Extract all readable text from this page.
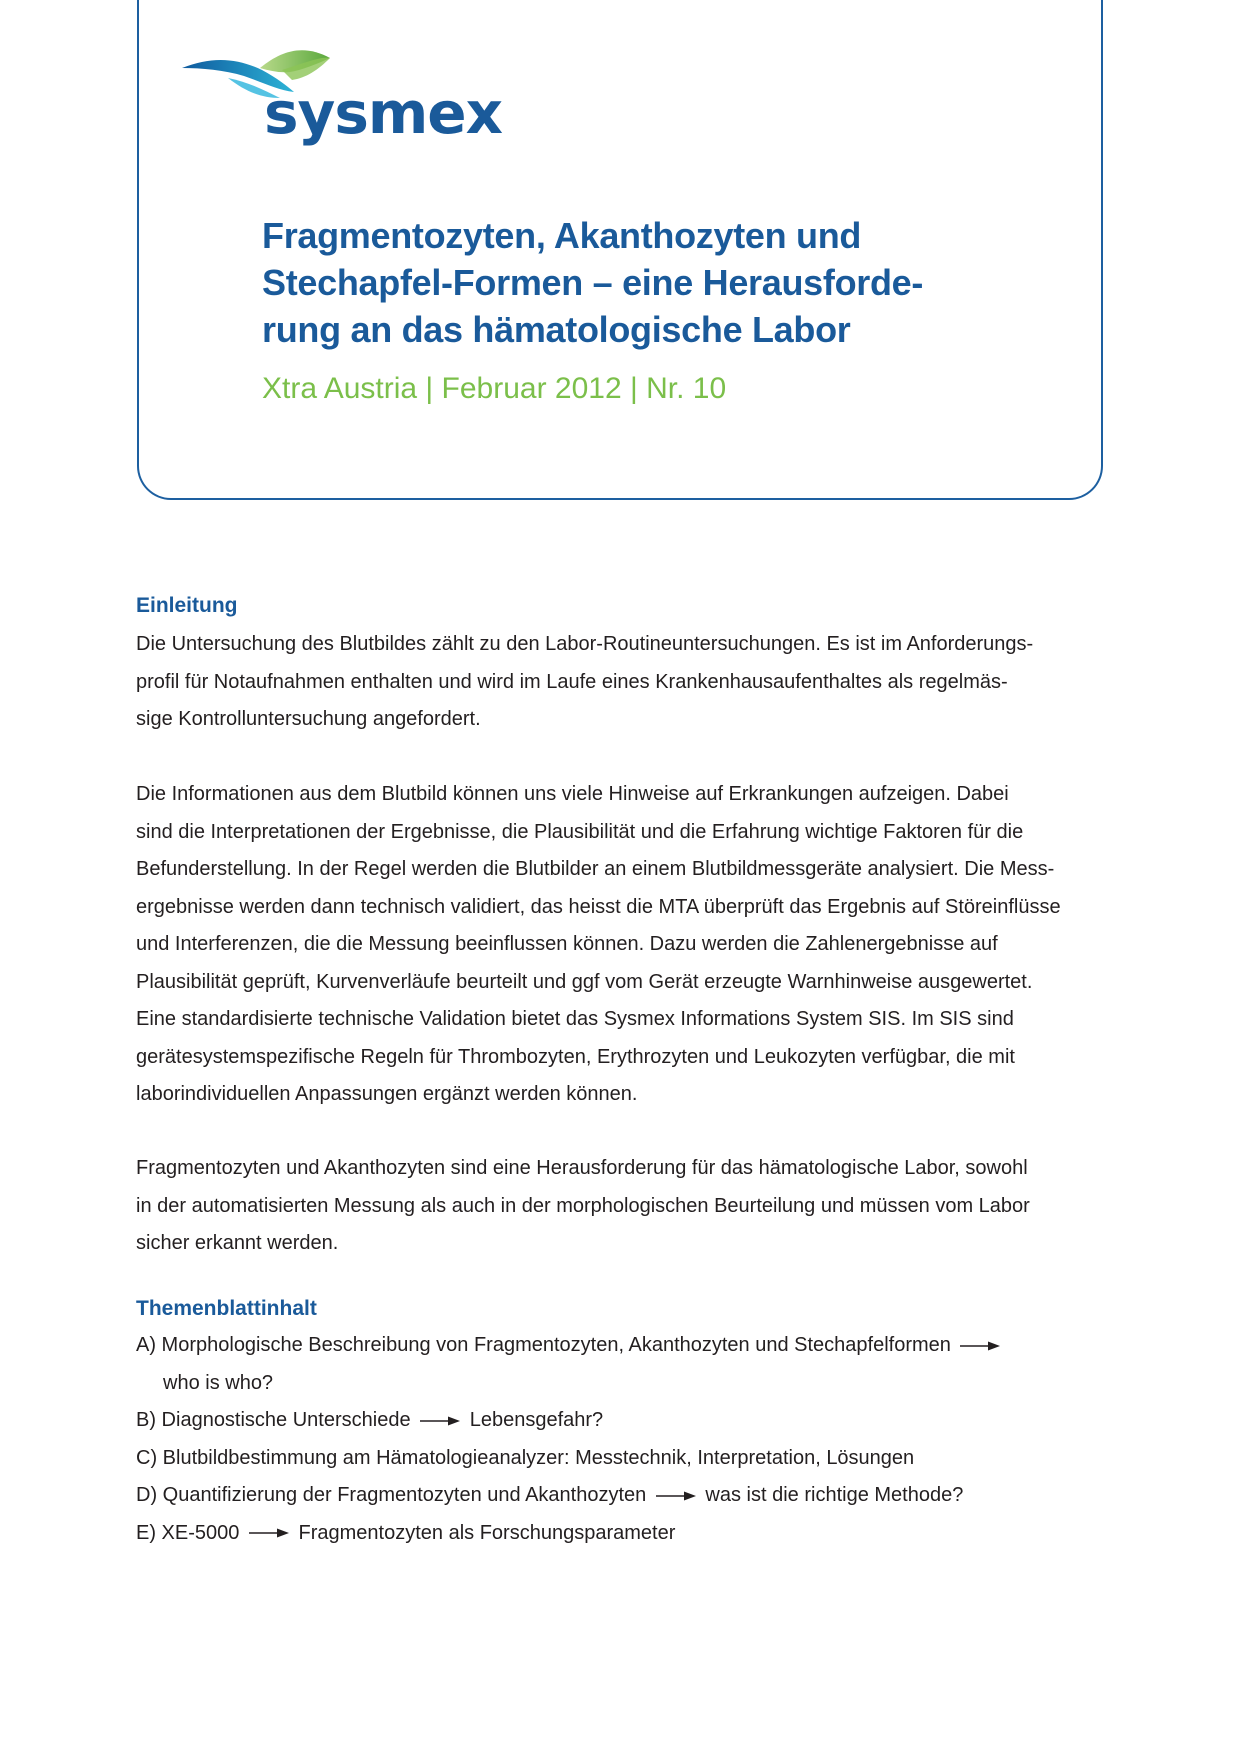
sysmex
Fragmentozyten, Akanthozyten und
Stechapfel-Formen – eine Herausforde-
rung an das hämatologische Labor
Xtra Austria | Februar 2012 | Nr. 10
Einleitung
Die Untersuchung des Blutbildes zählt zu den Labor-Routineuntersuchungen. Es ist im Anforderungs-
profil für Notaufnahmen enthalten und wird im Laufe eines Krankenhausaufenthaltes als regelmäs-
sige Kontrolluntersuchung angefordert.
Die Informationen aus dem Blutbild können uns viele Hinweise auf Erkrankungen aufzeigen. Dabei
sind die Interpretationen der Ergebnisse, die Plausibilität und die Erfahrung wichtige Faktoren für die
Befunderstellung. In der Regel werden die Blutbilder an einem Blutbildmessgeräte analysiert. Die Mess-
ergebnisse werden dann technisch validiert, das heisst die MTA überprüft das Ergebnis auf Störeinflüsse
und Interferenzen, die die Messung beeinflussen können. Dazu werden die Zahlenergebnisse auf
Plausibilität geprüft, Kurvenverläufe beurteilt und ggf vom Gerät erzeugte Warnhinweise ausgewertet.
Eine standardisierte technische Validation bietet das Sysmex Informations System SIS. Im SIS sind
gerätesystemspezifische Regeln für Thrombozyten, Erythrozyten und Leukozyten verfügbar, die mit
laborindividuellen Anpassungen ergänzt werden können.
Fragmentozyten und Akanthozyten sind eine Herausforderung für das hämatologische Labor, sowohl
in der automatisierten Messung als auch in der morphologischen Beurteilung und müssen vom Labor
sicher erkannt werden.
Themenblattinhalt
A) Morphologische Beschreibung von Fragmentozyten, Akanthozyten und Stechapfelformen
who is who?
B) Diagnostische Unterschiede	Lebensgefahr?
C) Blutbildbestimmung am Hämatologieanalyzer: Messtechnik, Interpretation, Lösungen
D) Quantifizierung der Fragmentozyten und Akanthozyten	was ist die richtige Methode?
E) XE-5000	Fragmentozyten als Forschungsparameter
